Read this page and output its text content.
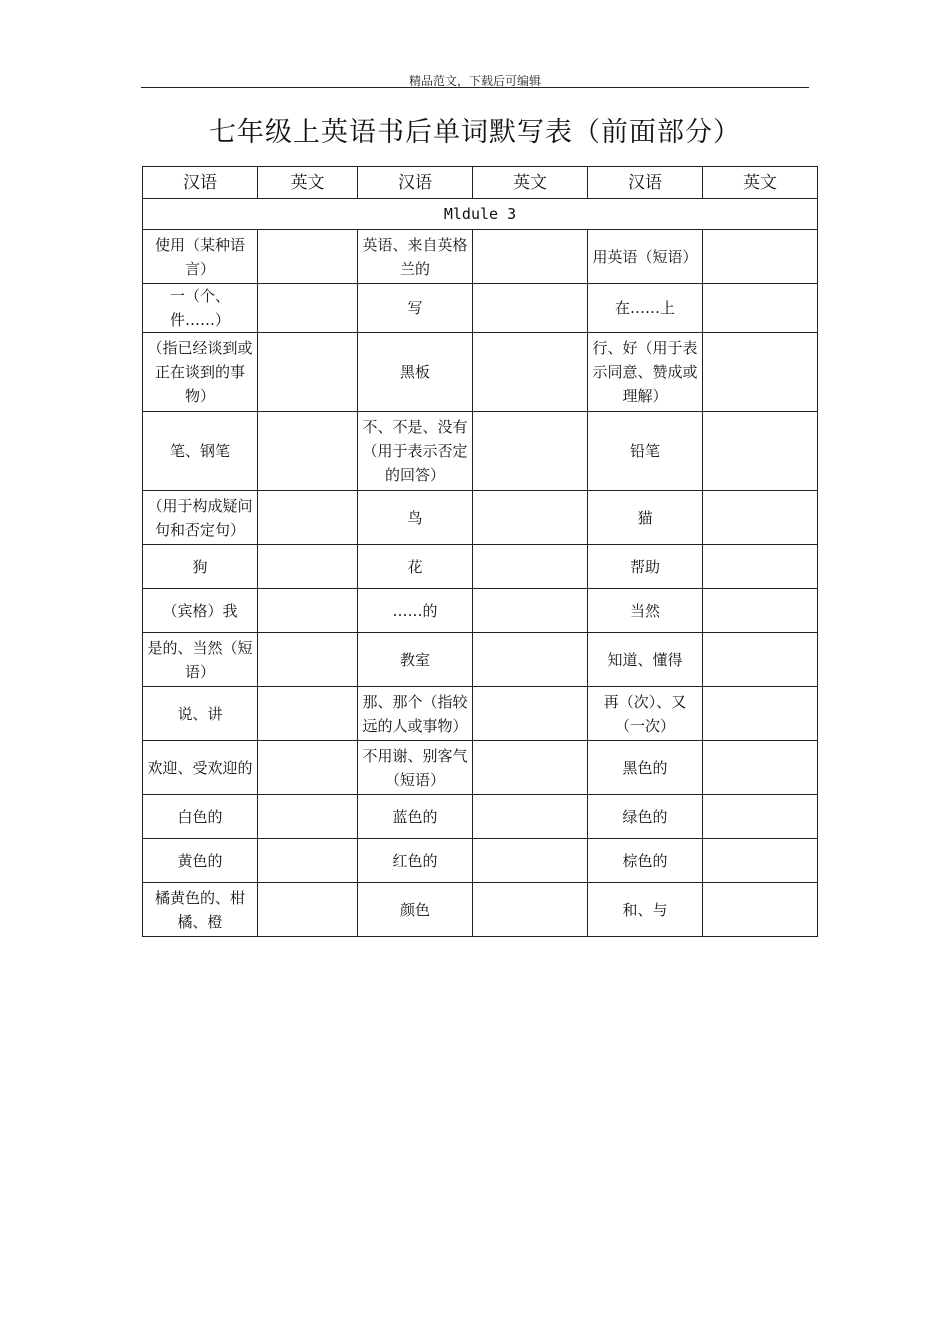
精品范文，下载后可编辑
七年级上英语书后单词默写表（前面部分）
汉语	英文	汉语	英文	汉语	英文
Mldule 3					
使用（某种语言）		英语、来自英格兰的		用英语（短语）	
一（个、件……）		写		在……上	
（指已经谈到或正在谈到的事物）		黑板		行、好（用于表示同意、赞成或理解）	
笔、钢笔		不、不是、没有（用于表示否定的回答）		铅笔	
（用于构成疑问句和否定句）		鸟		猫	
狗		花		帮助	
（宾格）我		……的		当然	
是的、当然（短语）		教室		知道、懂得	
说、讲		那、那个（指较远的人或事物）		再（次）、又（一次）	
欢迎、受欢迎的		不用谢、别客气（短语）		黑色的	
白色的		蓝色的		绿色的	
黄色的		红色的		棕色的	
橘黄色的、柑橘、橙		颜色		和、与	
